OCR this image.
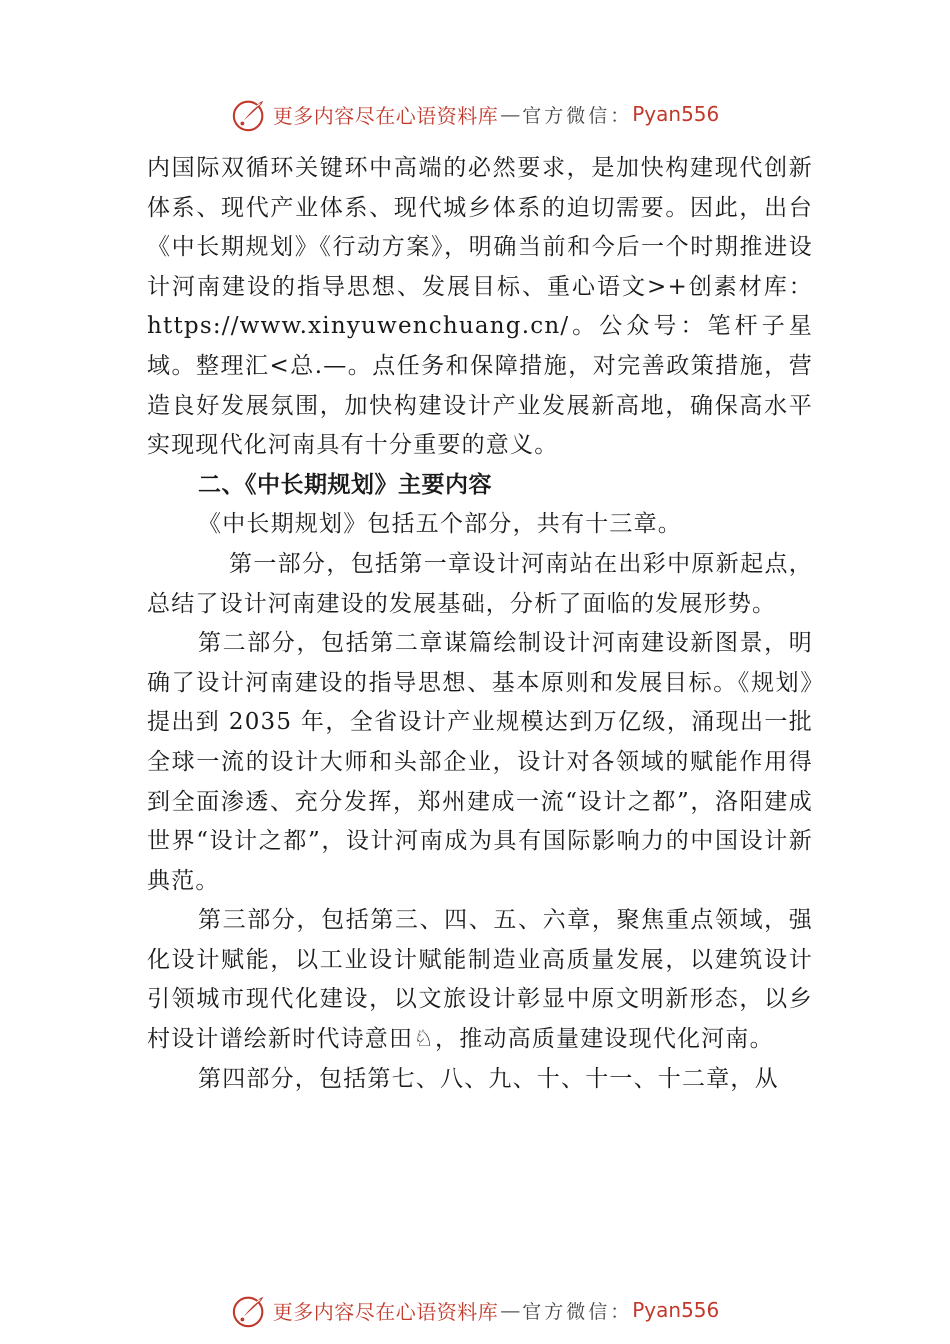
更多内容尽在心语资料库 — 官方微信： Pyan556

内国际双循环关键环中高端的必然要求，是加快构建现代创新体系、现代产业体系、现代城乡体系的迫切需要。因此，出台《中长期规划》《行动方案》，明确当前和今后一个时期推进设计河南建设的指导思想、发展目标、重心语文>+创素材库：https://www.xinyuwenchuang.cn/。公众号：笔杆子星域。整理汇<总.—。点任务和保障措施，对完善政策措施，营造良好发展氛围，加快构建设计产业发展新高地，确保高水平实现现代化河南具有十分重要的意义。

二、《中长期规划》主要内容

《中长期规划》包括五个部分，共有十三章。

第一部分，包括第一章设计河南站在出彩中原新起点，总结了设计河南建设的发展基础，分析了面临的发展形势。

第二部分，包括第二章谋篇绘制设计河南建设新图景，明确了设计河南建设的指导思想、基本原则和发展目标。《规划》提出到 2035 年，全省设计产业规模达到万亿级，涌现出一批全球一流的设计大师和头部企业，设计对各领域的赋能作用得到全面渗透、充分发挥，郑州建成一流“设计之都”，洛阳建成世界“设计之都”，设计河南成为具有国际影响力的中国设计新典范。

第三部分，包括第三、四、五、六章，聚焦重点领域，强化设计赋能，以工业设计赋能制造业高质量发展，以建筑设计引领城市现代化建设，以文旅设计彰显中原文明新形态，以乡村设计谱绘新时代诗意田♘，推动高质量建设现代化河南。

第四部分，包括第七、八、九、十、十一、十二章，从

更多内容尽在心语资料库 — 官方微信： Pyan556
